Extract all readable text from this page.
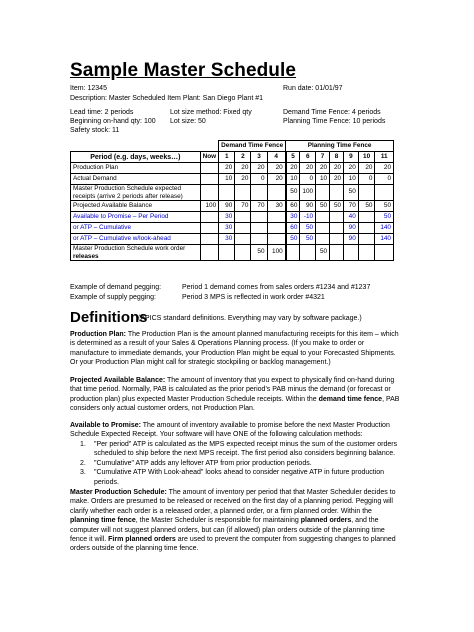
Sample Master Schedule
Item: 12345	Run date: 01/01/97
Description: Master Scheduled Item Plant: San Diego Plant #1
Lead time: 2 periods	Lot size method: Fixed qty	Demand Time Fence: 4 periods
Beginning on-hand qty: 100 Lot size: 50	Planning Time Fence: 10 periods
Safety stock: 11
		Demand Time Fence				Planning Time Fence						
Period (e.g. days, weeks…)	Now	1	2	3	4	5	6	7	8	9	10	11
Production Plan		20	20	20	20	20	20	20	20	20	20	20
Actual Demand		10	20	0	20	10	0	10	20	10	0	0

Master Production Schedule expected
receipts (arrive 2 periods after release)						50	100			50		
Projected Available Balance	100	90	70	70	30	60	90	50	50	70	50	50
Available to Promise – Per Period		30				30	-10			40		50
or ATP – Cumulative		30				60	50			90		140
or ATP – Cumulative w/look-ahead		30				50	50			90		140

Master Production Schedule work order
releases				50	100			50				
Example of demand pegging:	Period 1 demand comes from sales orders #1234 and #1237
Example of supply pegging:	Period 3 MPS is reflected in work order #4321
Definitions
(APICS standard definitions. Everything may vary by software package.)
Production Plan: The Production Plan is the amount planned manufacturing receipts for this item – which is determined as a result of your Sales & Operations Planning process. (If you make to order or manufacture to immediate demands, your Production Plan might be equal to your Forecasted Shipments. Or your Production Plan might call for strategic stockpiling or backlog management.)
Projected Available Balance: The amount of inventory that you expect to physically find on-hand during that time period. Normally, PAB is calculated as the prior period's PAB minus the demand (or forecast or production plan) plus expected Master Production Schedule receipts. Within the demand time fence, PAB considers only actual customer orders, not Production Plan.
Available to Promise: The amount of inventory available to promise before the next Master Production Schedule Expected Receipt. Your software will have ONE of the following calculation methods:
1.	"Per period" ATP is calculated as the MPS expected receipt minus the sum of the customer orders scheduled to ship before the next MPS receipt. The first period also considers beginning balance.
2.	"Cumulative" ATP adds any leftover ATP from prior production periods.
3.	"Cumulative ATP With Look-ahead" looks ahead to consider negative ATP in future production periods.
Master Production Schedule: The amount of inventory per period that that Master Scheduler decides to make. Orders are presumed to be released or received on the first day of a planning period. Pegging will clarify whether each order is a released order, a planned order, or a firm planned order. Within the planning time fence, the Master Scheduler is responsible for maintaining planned orders, and the computer will not suggest planned orders, but can (if allowed) plan orders outside of the planning time fence it will. Firm planned orders are used to prevent the computer from suggesting changes to planned orders outside of the planning time fence.
